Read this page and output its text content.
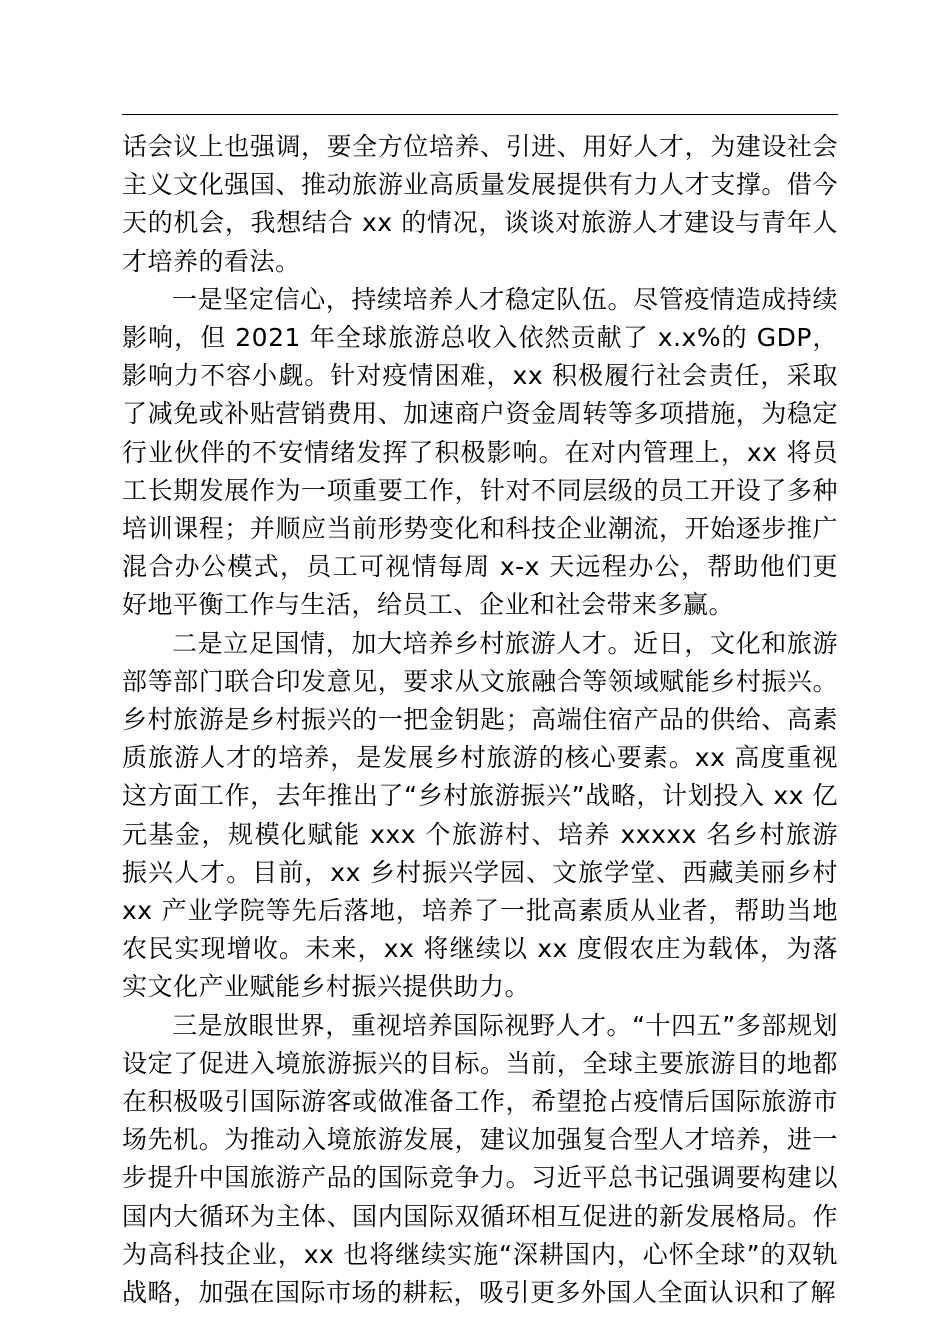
话会议上也强调，要全方位培养、引进、用好人才，为建设社会主义文化强国、推动旅游业高质量发展提供有力人才支撑。借今天的机会，我想结合 xx 的情况，谈谈对旅游人才建设与青年人才培养的看法。

一是坚定信心，持续培养人才稳定队伍。尽管疫情造成持续影响，但 2021 年全球旅游总收入依然贡献了 x.x%的 GDP，影响力不容小觑。针对疫情困难，xx 积极履行社会责任，采取了减免或补贴营销费用、加速商户资金周转等多项措施，为稳定行业伙伴的不安情绪发挥了积极影响。在对内管理上，xx 将员工长期发展作为一项重要工作，针对不同层级的员工开设了多种培训课程；并顺应当前形势变化和科技企业潮流，开始逐步推广混合办公模式，员工可视情每周 x-x 天远程办公，帮助他们更好地平衡工作与生活，给员工、企业和社会带来多赢。

二是立足国情，加大培养乡村旅游人才。近日，文化和旅游部等部门联合印发意见，要求从文旅融合等领域赋能乡村振兴。乡村旅游是乡村振兴的一把金钥匙；高端住宿产品的供给、高素质旅游人才的培养，是发展乡村旅游的核心要素。xx 高度重视这方面工作，去年推出了“乡村旅游振兴”战略，计划投入 xx 亿元基金，规模化赋能 xxx 个旅游村、培养 xxxxx 名乡村旅游振兴人才。目前，xx 乡村振兴学园、文旅学堂、西藏美丽乡村 xx 产业学院等先后落地，培养了一批高素质从业者，帮助当地农民实现增收。未来，xx 将继续以 xx 度假农庄为载体，为落实文化产业赋能乡村振兴提供助力。

三是放眼世界，重视培养国际视野人才。“十四五”多部规划设定了促进入境旅游振兴的目标。当前，全球主要旅游目的地都在积极吸引国际游客或做准备工作，希望抢占疫情后国际旅游市场先机。为推动入境旅游发展，建议加强复合型人才培养，进一步提升中国旅游产品的国际竞争力。习近平总书记强调要构建以国内大循环为主体、国内国际双循环相互促进的新发展格局。作为高科技企业，xx 也将继续实施“深耕国内，心怀全球”的双轨战略，加强在国际市场的耕耘，吸引更多外国人全面认识和了解
